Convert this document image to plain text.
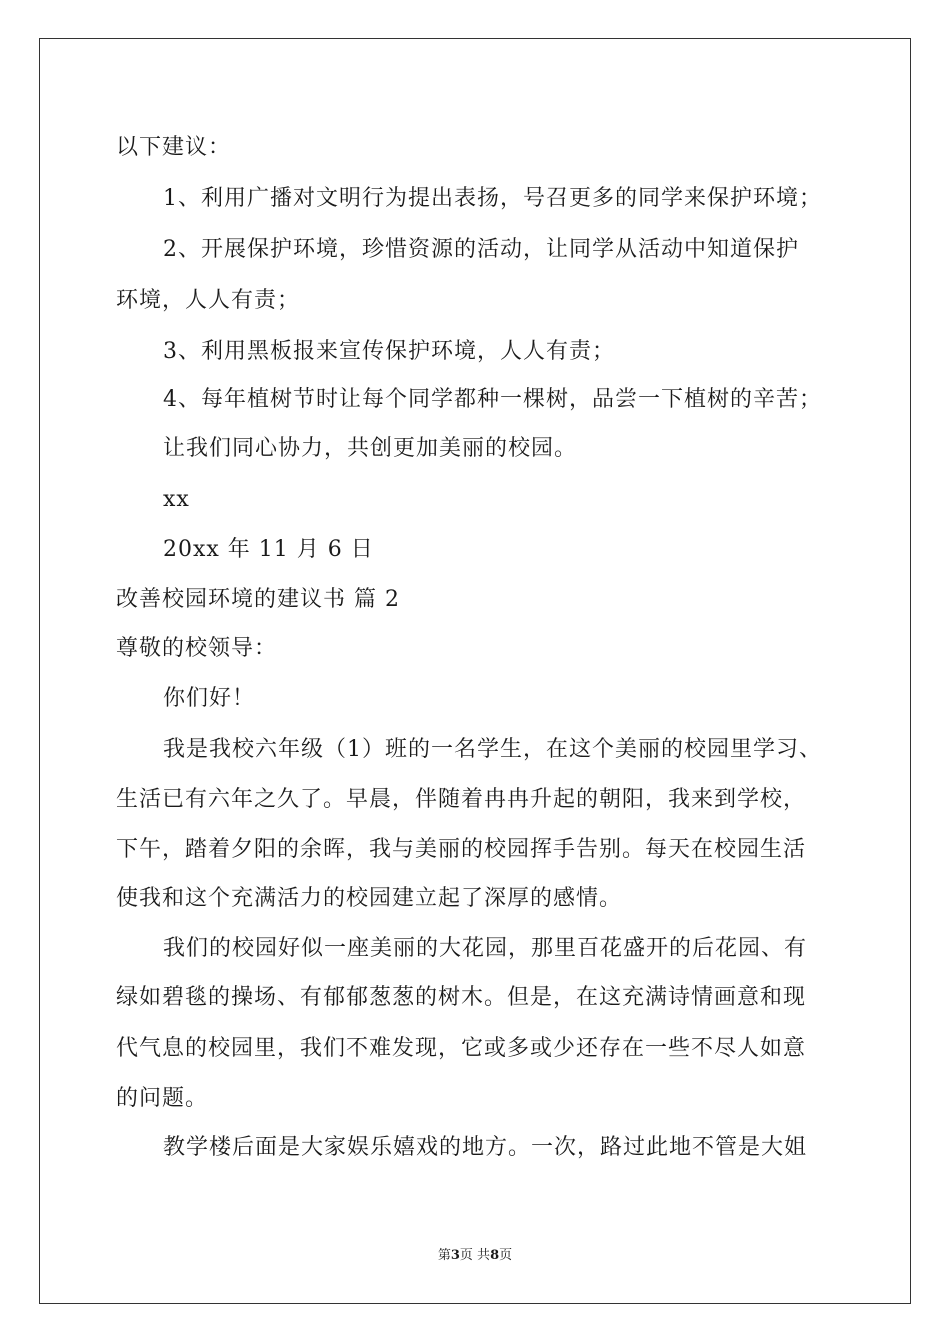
以下建议：
1、利用广播对文明行为提出表扬，号召更多的同学来保护环境；
2、开展保护环境，珍惜资源的活动，让同学从活动中知道保护
环境，人人有责；
3、利用黑板报来宣传保护环境，人人有责；
4、每年植树节时让每个同学都种一棵树，品尝一下植树的辛苦；
让我们同心协力，共创更加美丽的校园。
xx
20xx 年 11 月 6 日
改善校园环境的建议书 篇 2
尊敬的校领导：
你们好！
我是我校六年级（1）班的一名学生，在这个美丽的校园里学习、
生活已有六年之久了。早晨，伴随着冉冉升起的朝阳，我来到学校，
下午，踏着夕阳的余晖，我与美丽的校园挥手告别。每天在校园生活
使我和这个充满活力的校园建立起了深厚的感情。
我们的校园好似一座美丽的大花园，那里百花盛开的后花园、有
绿如碧毯的操场、有郁郁葱葱的树木。但是，在这充满诗情画意和现
代气息的校园里，我们不难发现，它或多或少还存在一些不尽人如意
的问题。
教学楼后面是大家娱乐嬉戏的地方。一次，路过此地不管是大姐
第3页 共8页
